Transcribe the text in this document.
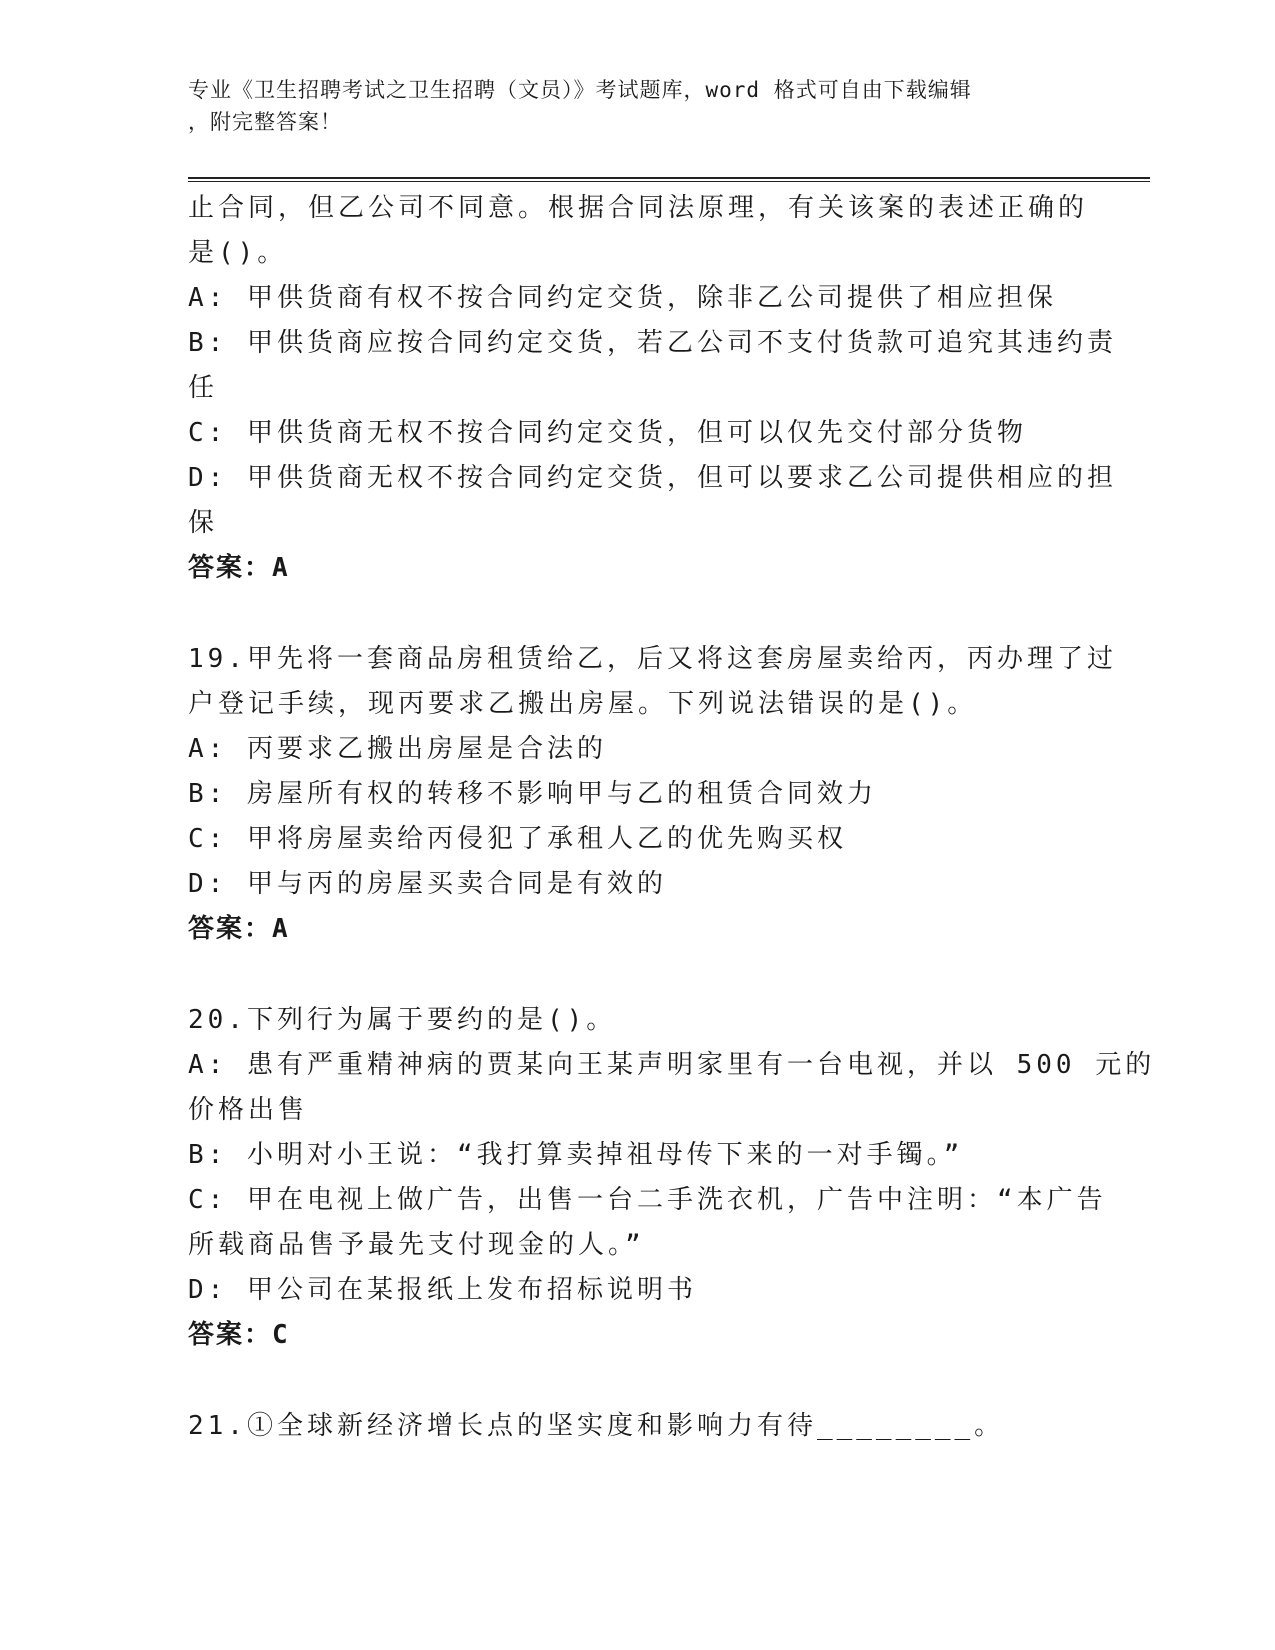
专业《卫生招聘考试之卫生招聘（文员）》考试题库，word 格式可自由下载编辑
，附完整答案！
止合同，但乙公司不同意。根据合同法原理，有关该案的表述正确的
是()。
A: 甲供货商有权不按合同约定交货，除非乙公司提供了相应担保
B: 甲供货商应按合同约定交货，若乙公司不支付货款可追究其违约责
任
C: 甲供货商无权不按合同约定交货，但可以仅先交付部分货物
D: 甲供货商无权不按合同约定交货，但可以要求乙公司提供相应的担
保
答案：A
19.甲先将一套商品房租赁给乙，后又将这套房屋卖给丙，丙办理了过
户登记手续，现丙要求乙搬出房屋。下列说法错误的是()。
A: 丙要求乙搬出房屋是合法的
B: 房屋所有权的转移不影响甲与乙的租赁合同效力
C: 甲将房屋卖给丙侵犯了承租人乙的优先购买权
D: 甲与丙的房屋买卖合同是有效的
答案：A
20.下列行为属于要约的是()。
A: 患有严重精神病的贾某向王某声明家里有一台电视，并以 500 元的
价格出售
B: 小明对小王说：“我打算卖掉祖母传下来的一对手镯。”
C: 甲在电视上做广告，出售一台二手洗衣机，广告中注明：“本广告
所载商品售予最先支付现金的人。”
D: 甲公司在某报纸上发布招标说明书
答案：C
21.①全球新经济增长点的坚实度和影响力有待________。
